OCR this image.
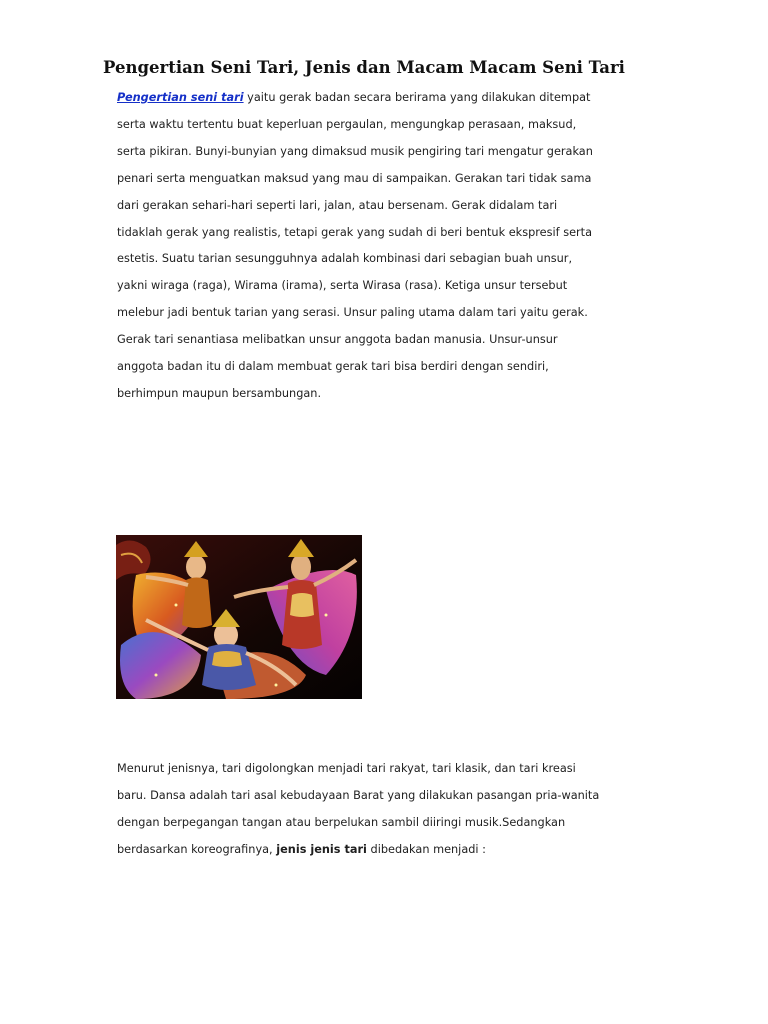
Pengertian Seni Tari, Jenis dan Macam Macam Seni Tari
Pengertian seni tari yaitu gerak badan secara berirama yang dilakukan ditempat
serta waktu tertentu buat keperluan pergaulan, mengungkap perasaan, maksud,
serta pikiran. Bunyi-bunyian yang dimaksud musik pengiring tari mengatur gerakan
penari serta menguatkan maksud yang mau di sampaikan. Gerakan tari tidak sama
dari gerakan sehari-hari seperti lari, jalan, atau bersenam. Gerak didalam tari
tidaklah gerak yang realistis, tetapi gerak yang sudah di beri bentuk ekspresif serta
estetis. Suatu tarian sesungguhnya adalah kombinasi dari sebagian buah unsur,
yakni wiraga (raga), Wirama (irama), serta Wirasa (rasa). Ketiga unsur tersebut
melebur jadi bentuk tarian yang serasi. Unsur paling utama dalam tari yaitu gerak.
Gerak tari senantiasa melibatkan unsur anggota badan manusia. Unsur-unsur
anggota badan itu di dalam membuat gerak tari bisa berdiri dengan sendiri,
berhimpun maupun bersambungan.
Menurut jenisnya, tari digolongkan menjadi tari rakyat, tari klasik, dan tari kreasi
baru. Dansa adalah tari asal kebudayaan Barat yang dilakukan pasangan pria-wanita
dengan berpegangan tangan atau berpelukan sambil diiringi musik.Sedangkan
berdasarkan koreografinya, jenis jenis tari dibedakan menjadi :
